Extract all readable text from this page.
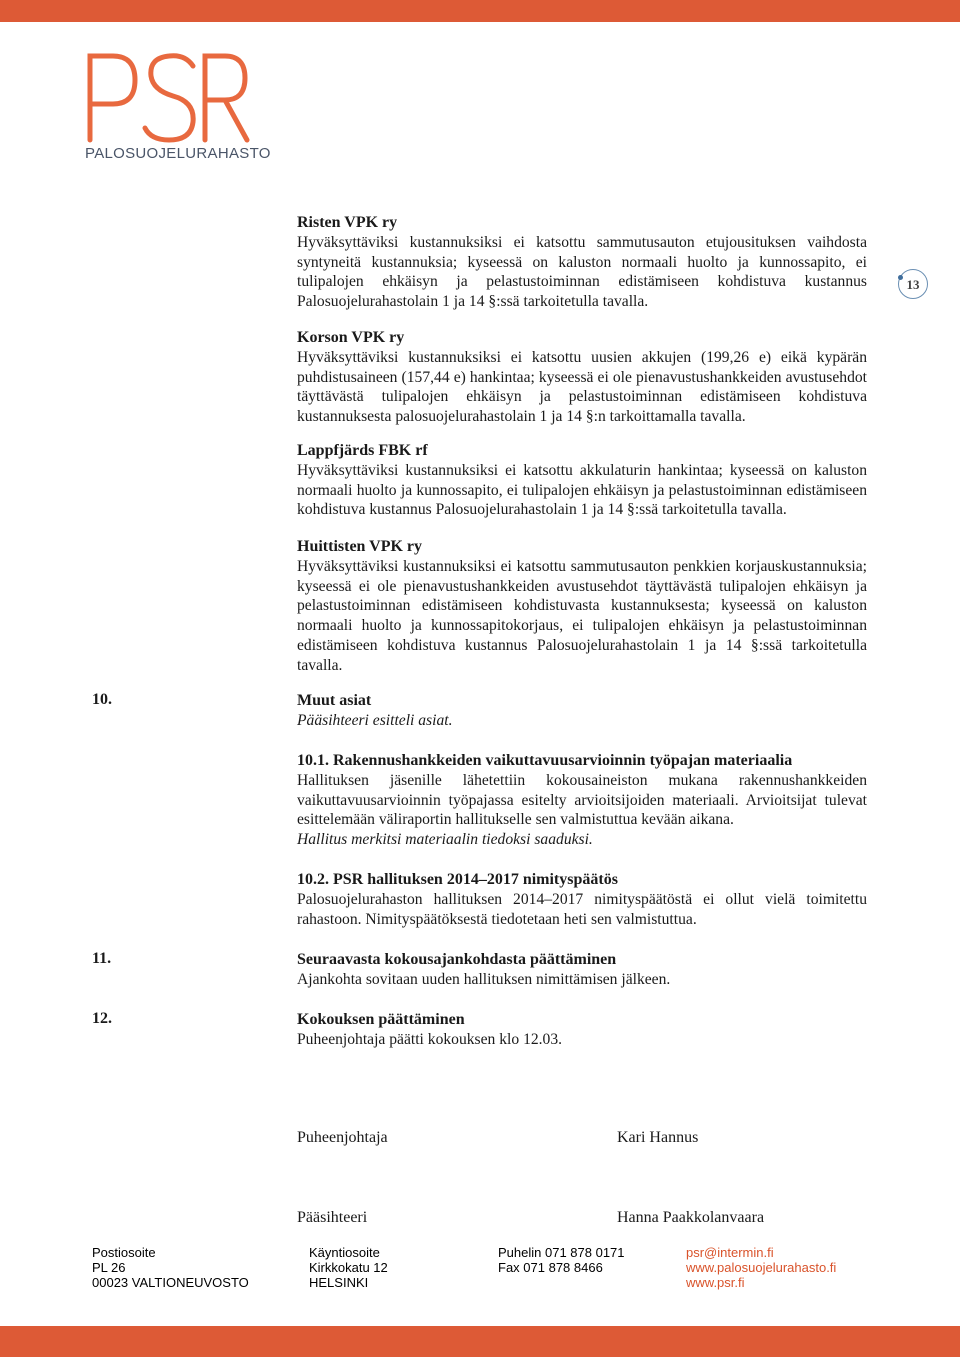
PALOSUOJELURAHASTO
13
Risten VPK ry

Hyväksyttäviksi kustannuksiksi ei katsottu sammutusauton etujousituksen vaihdosta syntyneitä kustannuksia; kyseessä on kaluston normaali huolto ja kunnossapito, ei tulipalojen ehkäisyn ja pelastustoiminnan edistämiseen kohdistuva kustannus Palosuojelurahastolain 1 ja 14 §:ssä tarkoitetulla tavalla.

Korson VPK ry

Hyväksyttäviksi kustannuksiksi ei katsottu uusien akkujen (199,26 e) eikä kypärän puhdistusaineen (157,44 e) hankintaa; kyseessä ei ole pienavustushankkeiden avustusehdot täyttävästä tulipalojen ehkäisyn ja pelastustoiminnan edistämiseen kohdistuva kustannuksesta palosuojelurahastolain 1 ja 14 §:n tarkoittamalla tavalla.

Lappfjärds FBK rf

Hyväksyttäviksi kustannuksiksi ei katsottu akkulaturin hankintaa; kyseessä on kaluston normaali huolto ja kunnossapito, ei tulipalojen ehkäisyn ja pelastustoiminnan edistämiseen kohdistuva kustannus Palosuojelurahastolain 1 ja 14 §:ssä tarkoitetulla tavalla.

Huittisten VPK ry

Hyväksyttäviksi kustannuksiksi ei katsottu sammutusauton penkkien korjauskustannuksia; kyseessä ei ole pienavustushankkeiden avustusehdot täyttävästä tulipalojen ehkäisyn ja pelastustoiminnan edistämiseen kohdistuvasta kustannuksesta; kyseessä on kaluston normaali huolto ja kunnossapitokorjaus, ei tulipalojen ehkäisyn ja pelastustoiminnan edistämiseen kohdistuva kustannus Palosuojelurahastolain 1 ja 14 §:ssä tarkoitetulla tavalla.

10.	Muut asiat

Pääsihteeri esitteli asiat.

10.1. Rakennushankkeiden vaikuttavuusarvioinnin työpajan materiaalia

Hallituksen jäsenille lähetettiin kokousaineiston mukana rakennushankkeiden vaikuttavuusarvioinnin työpajassa esitelty arvioitsijoiden materiaali. Arvioitsijat tulevat esittelemään väliraportin hallitukselle sen valmistuttua kevään aikana.

Hallitus merkitsi materiaalin tiedoksi saaduksi.

10.2. PSR hallituksen 2014–2017 nimityspäätös

Palosuojelurahaston hallituksen 2014–2017 nimityspäätöstä ei ollut vielä toimitettu rahastoon. Nimityspäätöksestä tiedotetaan heti sen valmistuttua.

11.	Seuraavasta kokousajankohdasta päättäminen

Ajankohta sovitaan uuden hallituksen nimittämisen jälkeen.

12.	Kokouksen päättäminen

Puheenjohtaja päätti kokouksen klo 12.03.

Puheenjohtaja	Kari Hannus
Pääsihteeri	Hanna Paakkolanvaara
Postiosoite
PL 26
00023 VALTIONEUVOSTO
Käyntiosoite
Kirkkokatu 12
HELSINKI
Puhelin 071 878 0171
Fax 071 878 8466
psr@intermin.fi
www.palosuojelurahasto.fi
www.psr.fi
